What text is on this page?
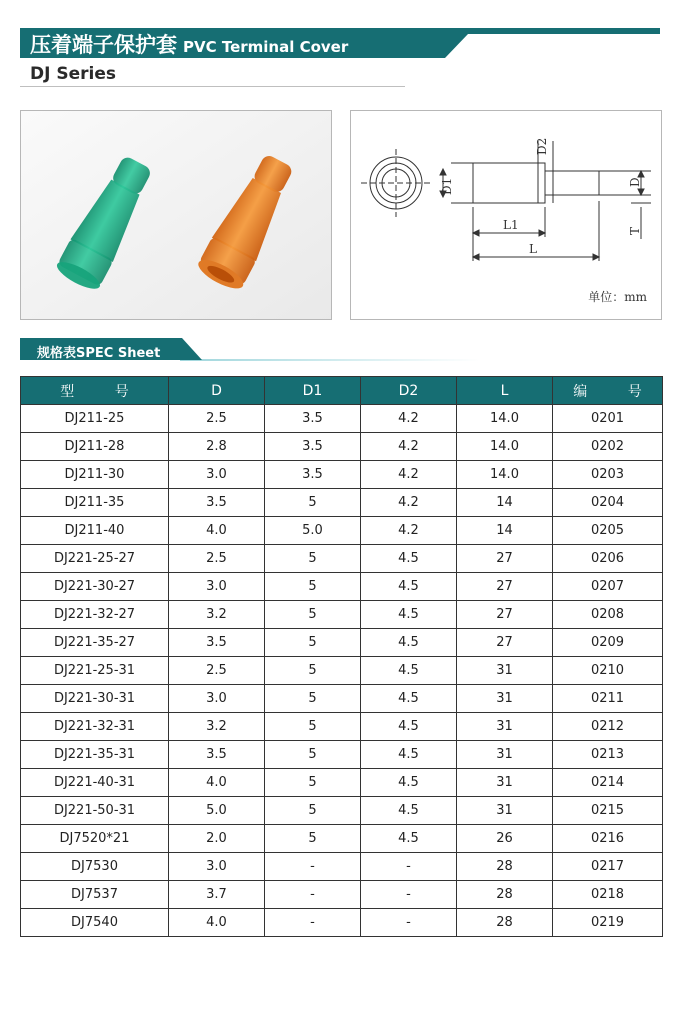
压着端子保护套 PVC Terminal Cover
DJ Series
D1
D2
D
T
L1
L
单位：mm
规格表SPEC Sheet
型 号	D	D1	D2	L	编 号
DJ211-25	2.5	3.5	4.2	14.0	0201
DJ211-28	2.8	3.5	4.2	14.0	0202
DJ211-30	3.0	3.5	4.2	14.0	0203
DJ211-35	3.5	5	4.2	14	0204
DJ211-40	4.0	5.0	4.2	14	0205
DJ221-25-27	2.5	5	4.5	27	0206
DJ221-30-27	3.0	5	4.5	27	0207
DJ221-32-27	3.2	5	4.5	27	0208
DJ221-35-27	3.5	5	4.5	27	0209
DJ221-25-31	2.5	5	4.5	31	0210
DJ221-30-31	3.0	5	4.5	31	0211
DJ221-32-31	3.2	5	4.5	31	0212
DJ221-35-31	3.5	5	4.5	31	0213
DJ221-40-31	4.0	5	4.5	31	0214
DJ221-50-31	5.0	5	4.5	31	0215
DJ7520*21	2.0	5	4.5	26	0216
DJ7530	3.0	-	-	28	0217
DJ7537	3.7	-	-	28	0218
DJ7540	4.0	-	-	28	0219
